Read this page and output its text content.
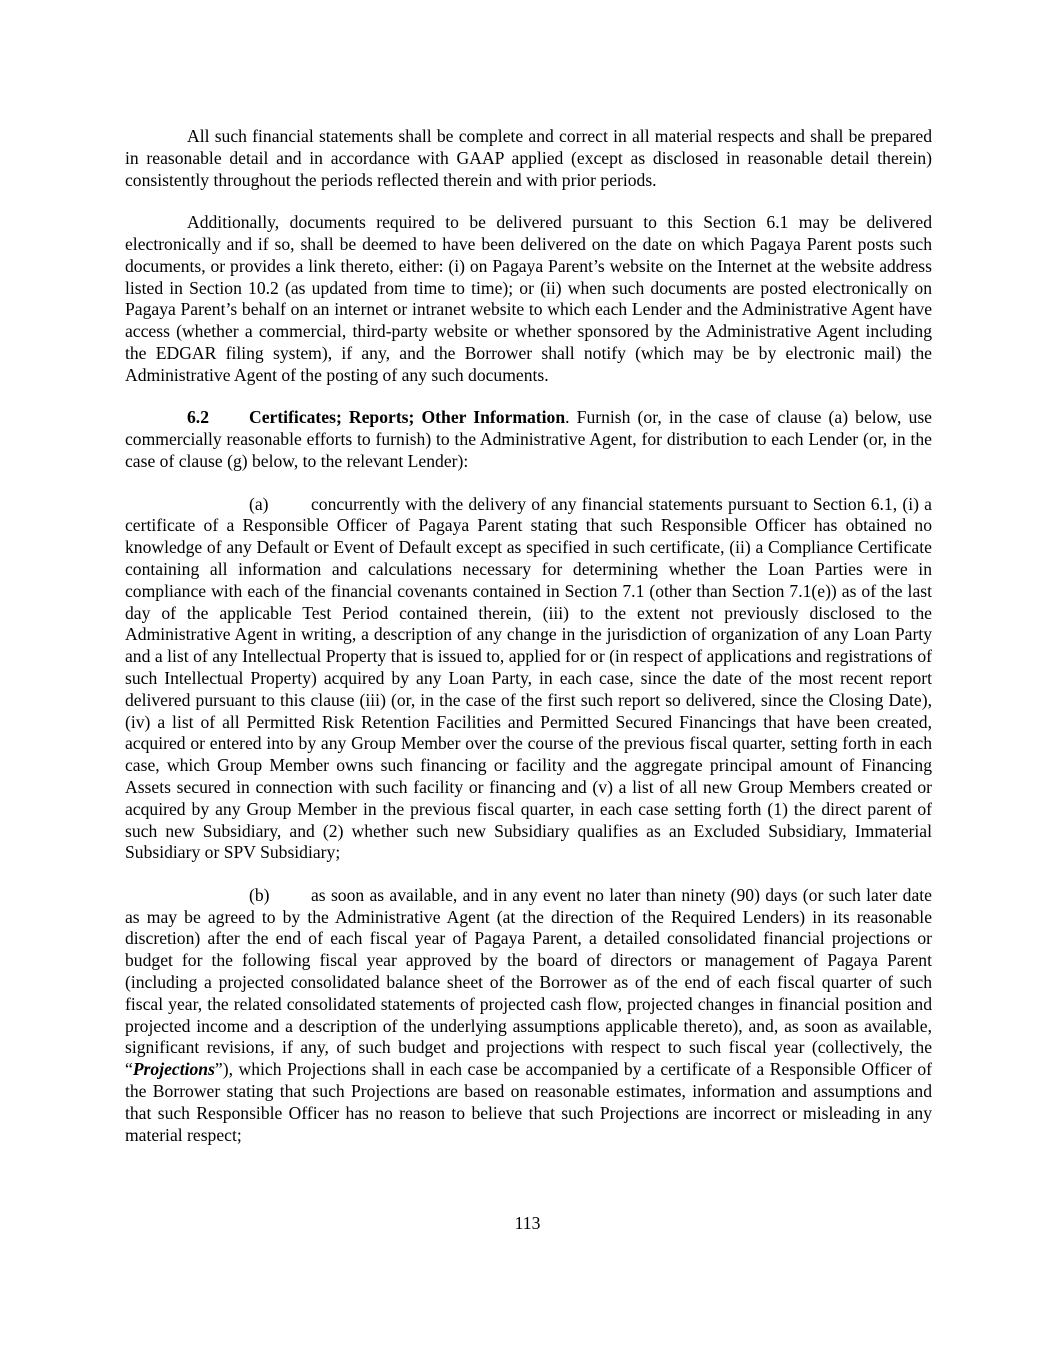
All such financial statements shall be complete and correct in all material respects and shall be prepared in reasonable detail and in accordance with GAAP applied (except as disclosed in reasonable detail therein) consistently throughout the periods reflected therein and with prior periods.

Additionally, documents required to be delivered pursuant to this Section 6.1 may be delivered electronically and if so, shall be deemed to have been delivered on the date on which Pagaya Parent posts such documents, or provides a link thereto, either: (i) on Pagaya Parent’s website on the Internet at the website address listed in Section 10.2 (as updated from time to time); or (ii) when such documents are posted electronically on Pagaya Parent’s behalf on an internet or intranet website to which each Lender and the Administrative Agent have access (whether a commercial, third-party website or whether sponsored by the Administrative Agent including the EDGAR filing system), if any, and the Borrower shall notify (which may be by electronic mail) the Administrative Agent of the posting of any such documents.

6.2 Certificates; Reports; Other Information. Furnish (or, in the case of clause (a) below, use commercially reasonable efforts to furnish) to the Administrative Agent, for distribution to each Lender (or, in the case of clause (g) below, to the relevant Lender):

(a) concurrently with the delivery of any financial statements pursuant to Section 6.1, (i) a certificate of a Responsible Officer of Pagaya Parent stating that such Responsible Officer has obtained no knowledge of any Default or Event of Default except as specified in such certificate, (ii) a Compliance Certificate containing all information and calculations necessary for determining whether the Loan Parties were in compliance with each of the financial covenants contained in Section 7.1 (other than Section 7.1(e)) as of the last day of the applicable Test Period contained therein, (iii) to the extent not previously disclosed to the Administrative Agent in writing, a description of any change in the jurisdiction of organization of any Loan Party and a list of any Intellectual Property that is issued to, applied for or (in respect of applications and registrations of such Intellectual Property) acquired by any Loan Party, in each case, since the date of the most recent report delivered pursuant to this clause (iii) (or, in the case of the first such report so delivered, since the Closing Date), (iv) a list of all Permitted Risk Retention Facilities and Permitted Secured Financings that have been created, acquired or entered into by any Group Member over the course of the previous fiscal quarter, setting forth in each case, which Group Member owns such financing or facility and the aggregate principal amount of Financing Assets secured in connection with such facility or financing and (v) a list of all new Group Members created or acquired by any Group Member in the previous fiscal quarter, in each case setting forth (1) the direct parent of such new Subsidiary, and (2) whether such new Subsidiary qualifies as an Excluded Subsidiary, Immaterial Subsidiary or SPV Subsidiary;

(b) as soon as available, and in any event no later than ninety (90) days (or such later date as may be agreed to by the Administrative Agent (at the direction of the Required Lenders) in its reasonable discretion) after the end of each fiscal year of Pagaya Parent, a detailed consolidated financial projections or budget for the following fiscal year approved by the board of directors or management of Pagaya Parent (including a projected consolidated balance sheet of the Borrower as of the end of each fiscal quarter of such fiscal year, the related consolidated statements of projected cash flow, projected changes in financial position and projected income and a description of the underlying assumptions applicable thereto), and, as soon as available, significant revisions, if any, of such budget and projections with respect to such fiscal year (collectively, the “Projections”), which Projections shall in each case be accompanied by a certificate of a Responsible Officer of the Borrower stating that such Projections are based on reasonable estimates, information and assumptions and that such Responsible Officer has no reason to believe that such Projections are incorrect or misleading in any material respect;

113
